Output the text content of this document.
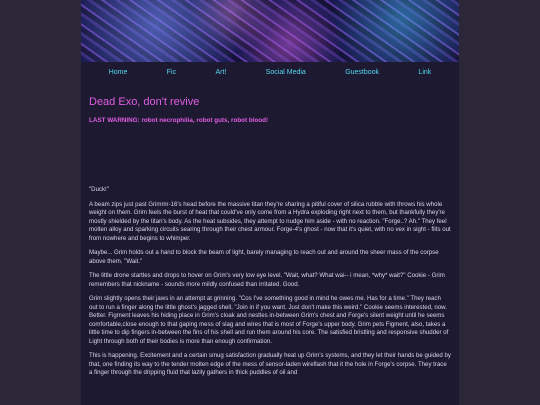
Home	Fic	Art!	Social Media	Guestbook	Link
Dead Exo, don't revive

LAST WARNING: robot necrophilia, robot guts, robot blood!

"Duck!"

A beam zips just past Grimmr-16's head before the massive titan they're sharing a pitiful cover of silica rubble with throws his whole weight on them. Grim feels the burst of heat that could've only come from a Hydra exploding right next to them, but thankfully they're mostly shielded by the titan's body. As the heat subsides, they attempt to nudge him aside - with no reaction. "Forge..? Ah." They feel molten alloy and sparking circuits searing through their chest armour. Forge-4's ghost - now that it's quiet, with no vex in sight - flits out from nowhere and begins to whimper.

Maybe... Grim holds out a hand to block the beam of light, barely managing to reach out and around the sheer mass of the corpse above them. "Wait."

The little drone startles and drops to hover on Grim's very low eye level. "Wait, what? What wai-- i mean, *why* wait?" Cookie - Grim remembers that nickname - sounds more mildly confused than irritated. Good.

Grim slightly opens their jaws in an attempt at grinning. "Cos I've something good in mind he owes me. Has for a time." They reach out to run a finger along the little ghost's jagged shell, "Join in if you want. Just don't make this weird." Cookie seems interested, now. Better. Figment leaves his hiding place in Grim's cloak and nestles in-between Grim's chest and Forge's silent weight until he seems comfortable,close enough to that gaping mess of slag and wires that is most of Forge's upper body. Grim pets Figment, also, takes a little time to dip fingers in-between the fins of his shell and run them around his core. The satisfied bristling and responsive shudder of Light through both of their bodies is more than enough confirmation.

This is happening. Excitement and a certain smug satisfaction gradually heat up Grim's systems, and they let their hands be guided by that, one finding its way to the tender molten edge of the mess of sensor-laden wireflash that it the hole in Forge's corpse. They trace a finger through the dripping fluid that lazily gathers in thick puddles of oil and
